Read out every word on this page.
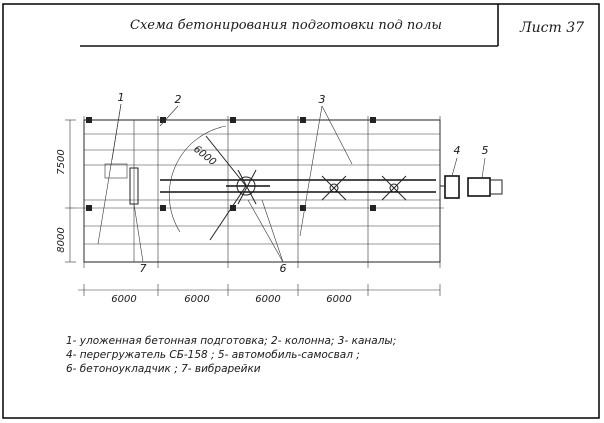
Схема бетонирования подготовки под полы	Лист 37
6000	6000	6000	6000
7500
8000
6000
1	2	3
4 5
6
7
1- уложенная бетонная подготовка; 2- колонна; 3- каналы;
4- перегружатель СБ-158 ; 5- автомобиль-самосвал ;
6- бетоноукладчик ; 7- вибрарейки
